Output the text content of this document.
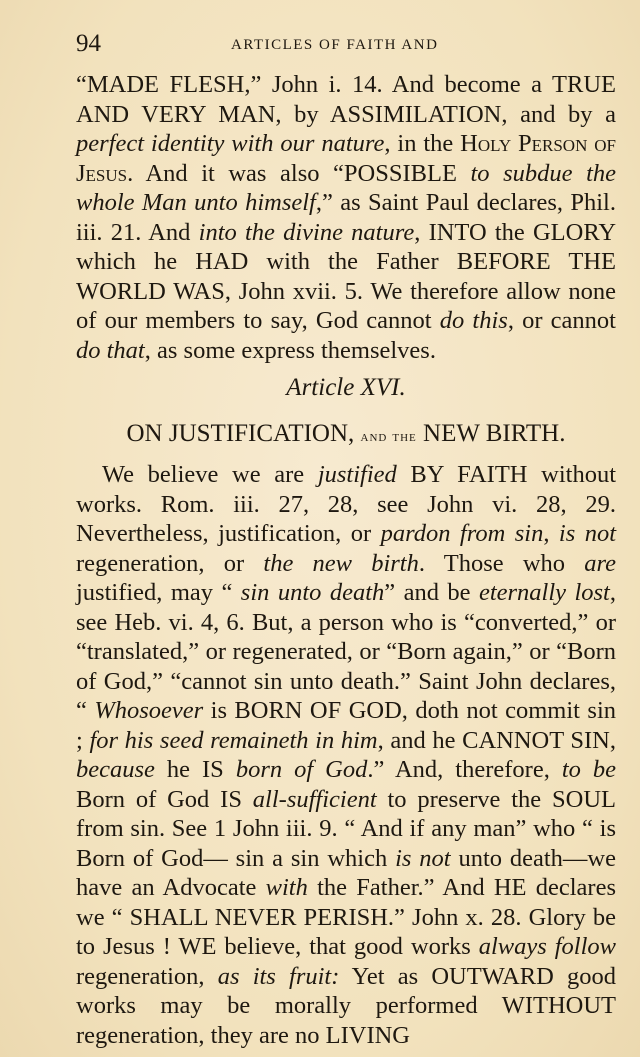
94	ARTICLES OF FAITH AND

“MADE FLESH,” John i. 14. And become a TRUE AND VERY MAN, by ASSIMILATION, and by a perfect identity with our nature, in the Holy Person of Jesus. And it was also “POSSIBLE to subdue the whole Man unto himself,” as Saint Paul declares, Phil. iii. 21. And into the divine nature, INTO the GLORY which he HAD with the Father BEFORE THE WORLD WAS, John xvii. 5. We therefore allow none of our members to say, God cannot do this, or cannot do that, as some express themselves.

Article XVI.

ON JUSTIFICATION, and the NEW BIRTH.

We believe we are justified BY FAITH without works. Rom. iii. 27, 28, see John vi. 28, 29. Nevertheless, justification, or pardon from sin, is not regeneration, or the new birth. Those who are justified, may “ sin unto death” and be eternally lost, see Heb. vi. 4, 6. But, a person who is “converted,” or “translated,” or regenerated, or “Born again,” or “Born of God,” “cannot sin unto death.” Saint John declares, “ Whosoever is BORN OF GOD, doth not commit sin ; for his seed remaineth in him, and he CANNOT SIN, because he IS born of God.” And, therefore, to be Born of God IS all-sufficient to preserve the SOUL from sin. See 1 John iii. 9. “ And if any man” who “ is Born of God— sin a sin which is not unto death—we have an Advocate with the Father.” And HE declares we “ SHALL NEVER PERISH.” John x. 28. Glory be to Jesus ! WE believe, that good works always follow regeneration, as its fruit: Yet as OUTWARD good works may be morally performed WITHOUT regeneration, they are no LIVING
